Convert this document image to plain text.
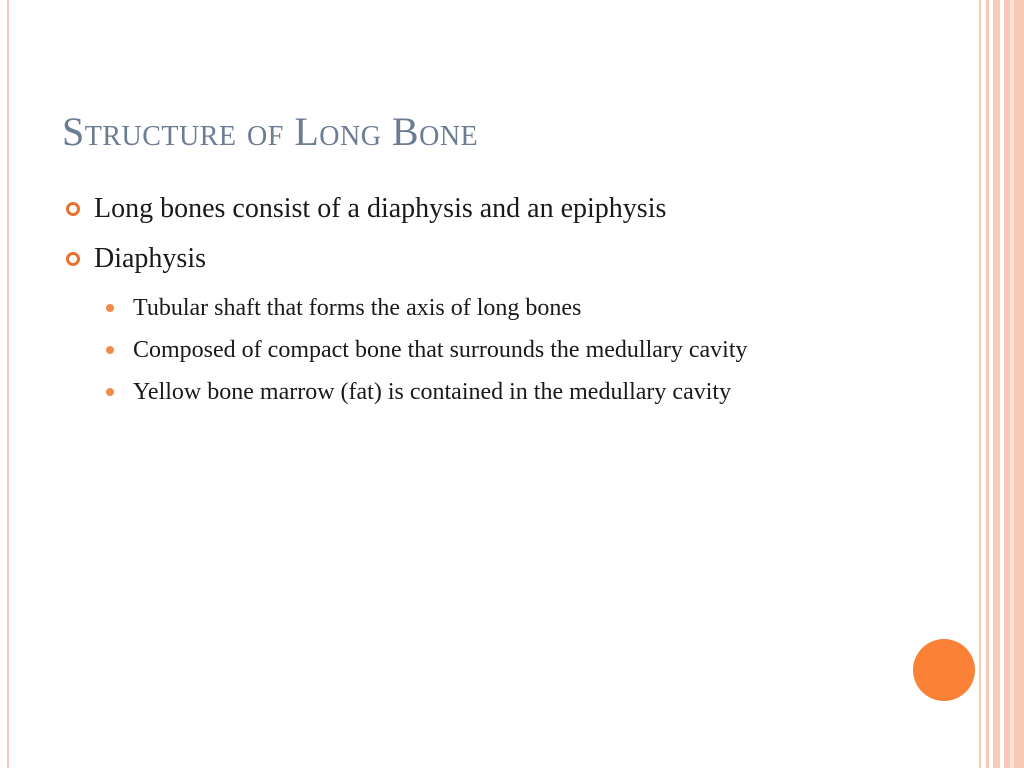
Structure of Long Bone
Long bones consist of a diaphysis and an epiphysis
Diaphysis
Tubular shaft that forms the axis of long bones
Composed of compact bone that surrounds the medullary cavity
Yellow bone marrow (fat) is contained in the medullary cavity
